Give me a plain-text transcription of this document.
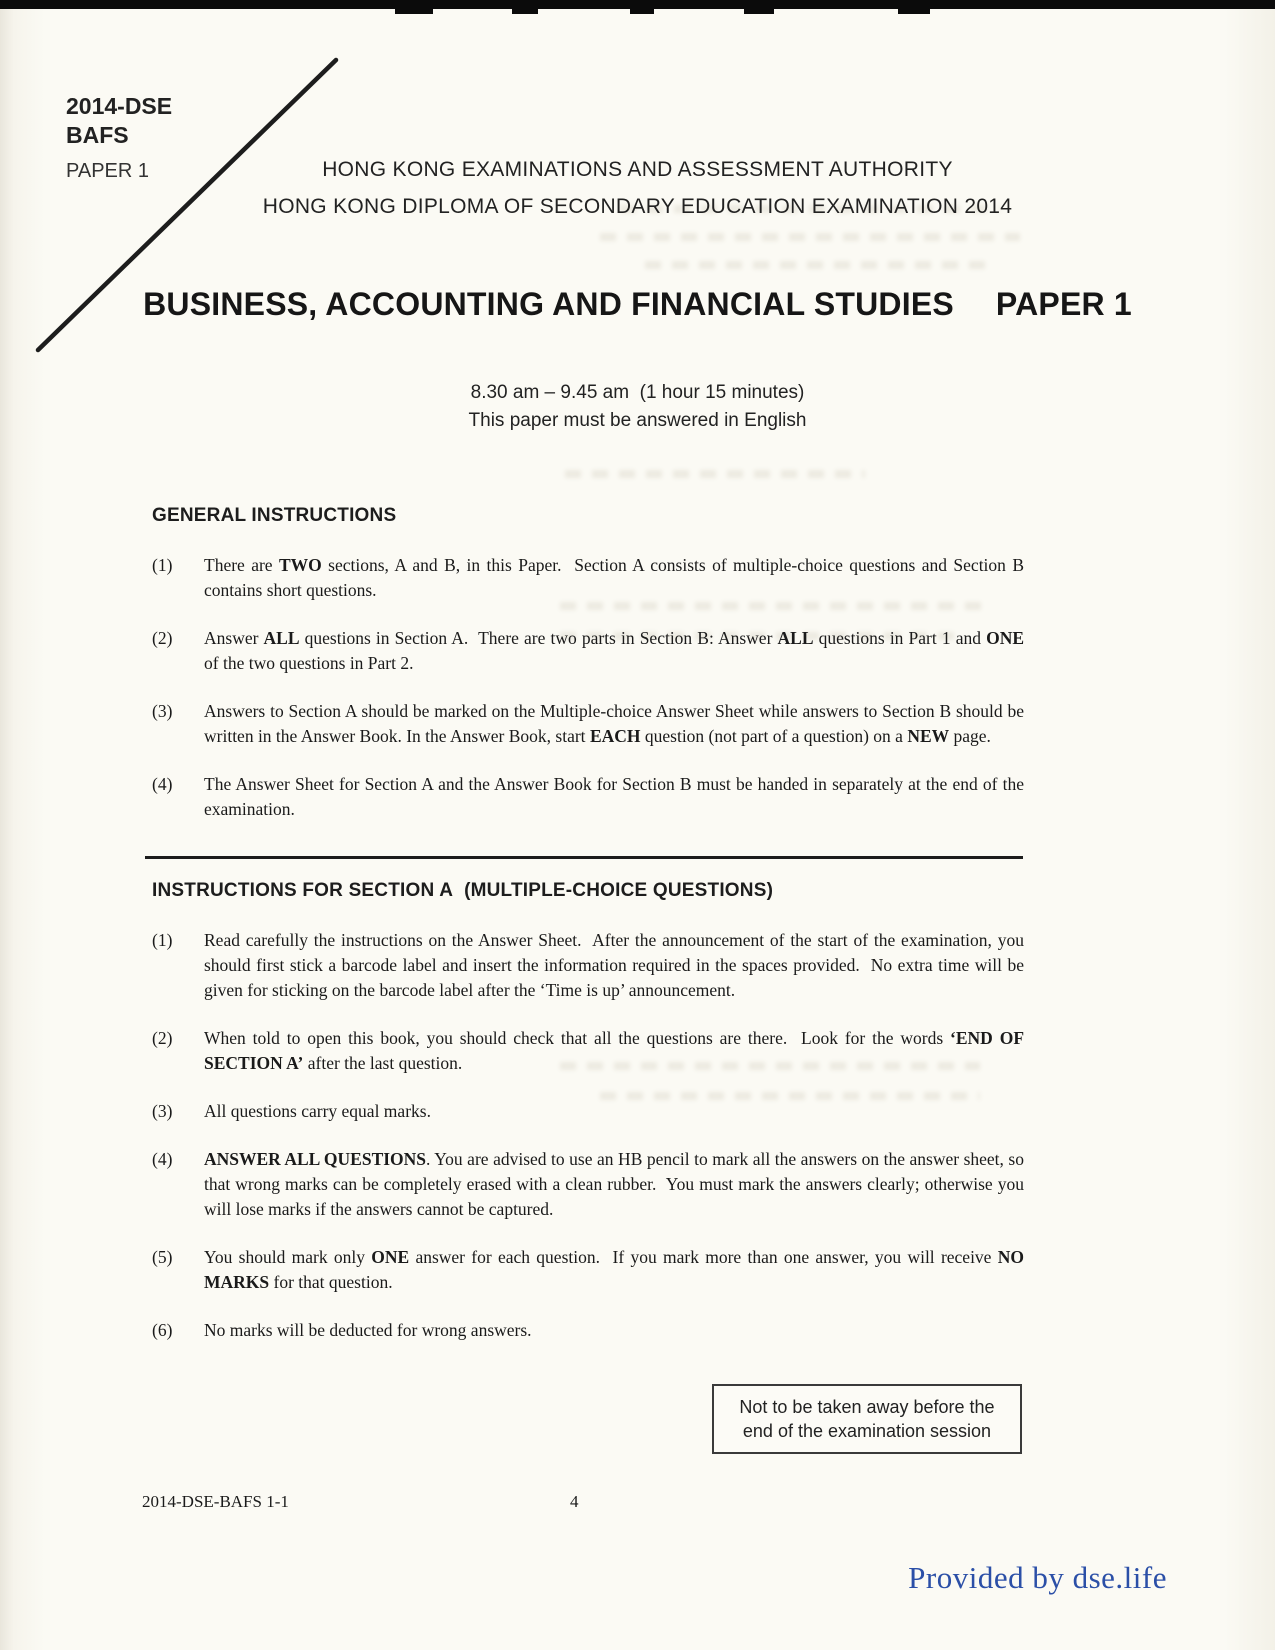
2014-DSE
BAFS
PAPER 1	HONG KONG EXAMINATIONS AND ASSESSMENT AUTHORITY
HONG KONG DIPLOMA OF SECONDARY EDUCATION EXAMINATION 2014
BUSINESS, ACCOUNTING AND FINANCIAL STUDIES PAPER 1
8.30 am – 9.45 am  (1 hour 15 minutes)
This paper must be answered in English
GENERAL INSTRUCTIONS
(1)	There are TWO sections, A and B, in this Paper.  Section A consists of multiple-choice questions and Section B contains short questions.
(2)	Answer ALL questions in Section A.  There are two parts in Section B: Answer ALL questions in Part 1 and ONE of the two questions in Part 2.
(3)	Answers to Section A should be marked on the Multiple-choice Answer Sheet while answers to Section B should be written in the Answer Book. In the Answer Book, start EACH question (not part of a question) on a NEW page.
(4)	The Answer Sheet for Section A and the Answer Book for Section B must be handed in separately at the end of the examination.
INSTRUCTIONS FOR SECTION A  (MULTIPLE-CHOICE QUESTIONS)
(1)	Read carefully the instructions on the Answer Sheet.  After the announcement of the start of the examination, you should first stick a barcode label and insert the information required in the spaces provided.  No extra time will be given for sticking on the barcode label after the ‘Time is up’ announcement.
(2)	When told to open this book, you should check that all the questions are there.  Look for the words ‘END OF SECTION A’ after the last question.
(3)	All questions carry equal marks.
(4)	ANSWER ALL QUESTIONS. You are advised to use an HB pencil to mark all the answers on the answer sheet, so that wrong marks can be completely erased with a clean rubber.  You must mark the answers clearly; otherwise you will lose marks if the answers cannot be captured.
(5)	You should mark only ONE answer for each question.  If you mark more than one answer, you will receive NO MARKS for that question.
(6)	No marks will be deducted for wrong answers.
Not to be taken away before the
end of the examination session
2014-DSE-BAFS 1-1	4
Provided by dse.life
